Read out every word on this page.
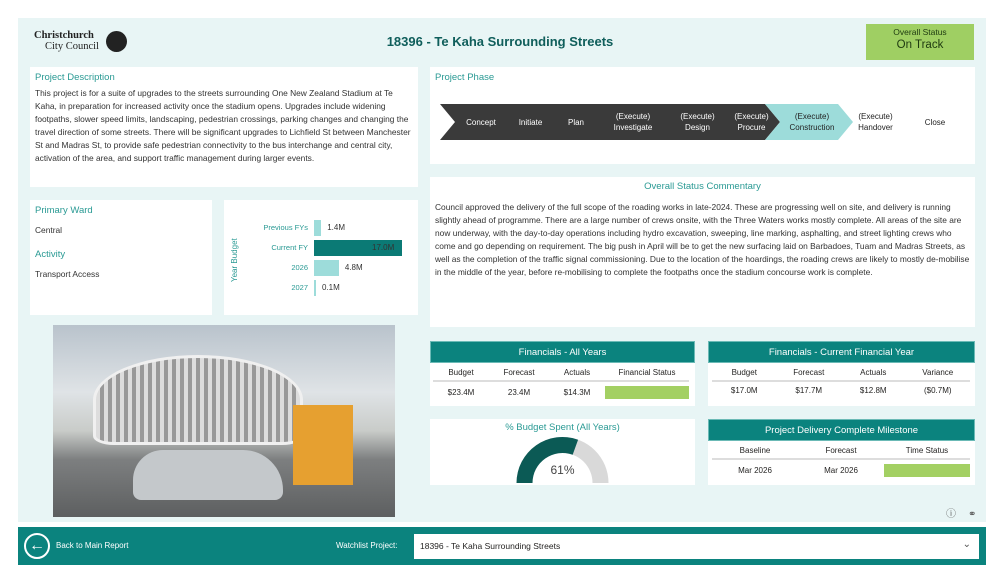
Christchurch
City Council	18396 - Te Kaha Surrounding Streets
Overall Status
On Track
Project Description
This project is for a suite of upgrades to the streets surrounding One New Zealand Stadium at Te Kaha, in preparation for increased activity once the stadium opens. Upgrades include widening footpaths, slower speed limits, landscaping, pedestrian crossings, parking changes and changing the travel direction of some streets. There will be significant upgrades to Lichfield St between Manchester St and Madras St, to provide safe pedestrian connectivity to the bus interchange and central city, activation of the area, and support traffic management during larger events.
Project Phase
Concept	Initiate	Plan
(Execute)
Investigate
(Execute)
Design
(Execute)
Procure
(Execute)
Construction
(Execute)
Handover
Close
Primary Ward
Central
Activity
Transport Access	Year Budget
Previous FYs 1.4M
Current FY	17.0M
2026	4.8M
2027 0.1M
Overall Status Commentary
Council approved the delivery of the full scope of the roading works in late-2024. These are progressing well on site, and delivery is running slightly ahead of programme. There are a large number of crews onsite, with the Three Waters works mostly complete. All areas of the site are now underway, with the day-to-day operations including hydro excavation, sweeping, line marking, asphalting, and street lighting crews who come and go depending on requirement. The big push in April will be to get the new surfacing laid on Barbadoes, Tuam and Madras Streets, as well as the completion of the traffic signal commissioning. Due to the location of the hoardings, the roading crews are likely to mostly de-mobilise in the middle of the year, before re-mobilising to complete the footpaths once the stadium concourse work is complete.
Financials - All Years
Budget	Forecast	Actuals	Financial Status
$23.4M	23.4M	$14.3M	
Financials - Current Financial Year
Budget	Forecast	Actuals	Variance
$17.0M	$17.7M	$12.8M	($0.7M)
% Budget Spent (All Years)
61%
Project Delivery Complete Milestone
Baseline	Forecast	Time Status
Mar 2026	Mar 2026	
ⓘ ⚭
←	Back to Main Report	Watchlist Project:	18396 - Te Kaha Surrounding Streets	⌄
